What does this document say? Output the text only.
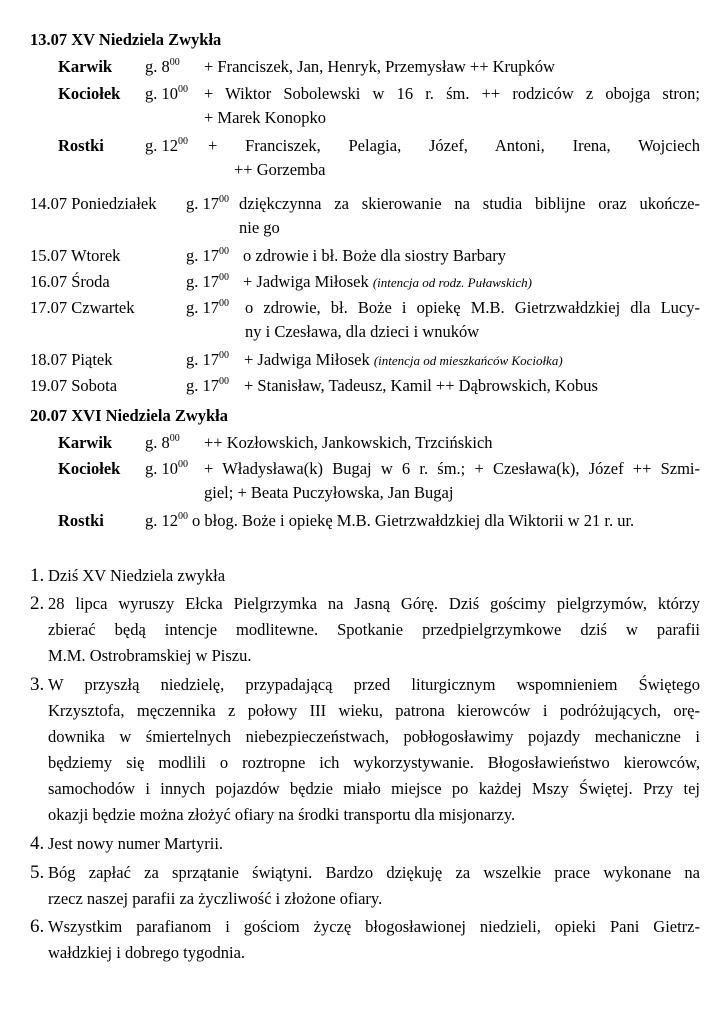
13.07 XV Niedziela Zwykła
Karwik g. $8^{00}$ + Franciszek, Jan, Henryk, Przemysław ++ Krupków
Kociołek g. $10^{00}$ + Wiktor Sobolewski w 16 r. śm. ++ rodziców z obojga stron;
+ Marek Konopko
Rostki g. $12^{00}$ + Franciszek, Pelagia, Józef, Antoni, Irena, Wojciech
++ Gorzemba
14.07 Poniedziałek g. $17^{00}$ dziękczynna za skierowanie na studia biblijne oraz ukończe-
nie go
15.07 Wtorek	g. $17^{00}$ o zdrowie i bł. Boże dla siostry Barbary
16.07 Środa	g. $17^{00}$ + Jadwiga Miłosek (intencja od rodz. Puławskich)
17.07 Czwartek	g. $17^{00}$ o zdrowie, bł. Boże i opiekę M.B. Gietrzwałdzkiej dla Lucy-
ny i Czesława, dla dzieci i wnuków
18.07 Piątek	g. $17^{00}$ + Jadwiga Miłosek (intencja od mieszkańców Kociołka)
19.07 Sobota	g. $17^{00}$ + Stanisław, Tadeusz, Kamil ++ Dąbrowskich, Kobus
20.07 XVI Niedziela Zwykła
Karwik g. $8^{00}$ ++ Kozłowskich, Jankowskich, Trzcińskich
Kociołek g. $10^{00}$ + Władysława(k) Bugaj w 6 r. śm.; + Czesława(k), Józef ++ Szmi-
giel; + Beata Puczyłowska, Jan Bugaj
Rostki g. $12^{00}$ o błog. Boże i opiekę M.B. Gietrzwałdzkiej dla Wiktorii w 21 r. ur.
1. Dziś XV Niedziela zwykła
2. 28 lipca wyruszy Ełcka Pielgrzymka na Jasną Górę. Dziś gościmy pielgrzymów, którzy
zbierać będą intencje modlitewne. Spotkanie przedpielgrzymkowe dziś w parafii
M.M. Ostrobramskiej w Piszu.
3. W przyszłą niedzielę, przypadającą przed liturgicznym wspomnieniem Świętego
Krzysztofa, męczennika z połowy III wieku, patrona kierowców i podróżujących, orę-
downika w śmiertelnych niebezpieczeństwach, pobłogosławimy pojazdy mechaniczne i
będziemy się modlili o roztropne ich wykorzystywanie. Błogosławieństwo kierowców,
samochodów i innych pojazdów będzie miało miejsce po każdej Mszy Świętej. Przy tej
okazji będzie można złożyć ofiary na środki transportu dla misjonarzy.
4. Jest nowy numer Martyrii.
5. Bóg zapłać za sprzątanie świątyni. Bardzo dziękuję za wszelkie prace wykonane na
rzecz naszej parafii za życzliwość i złożone ofiary.
6. Wszystkim parafianom i gościom życzę błogosławionej niedzieli, opieki Pani Gietrz-
wałdzkiej i dobrego tygodnia.
